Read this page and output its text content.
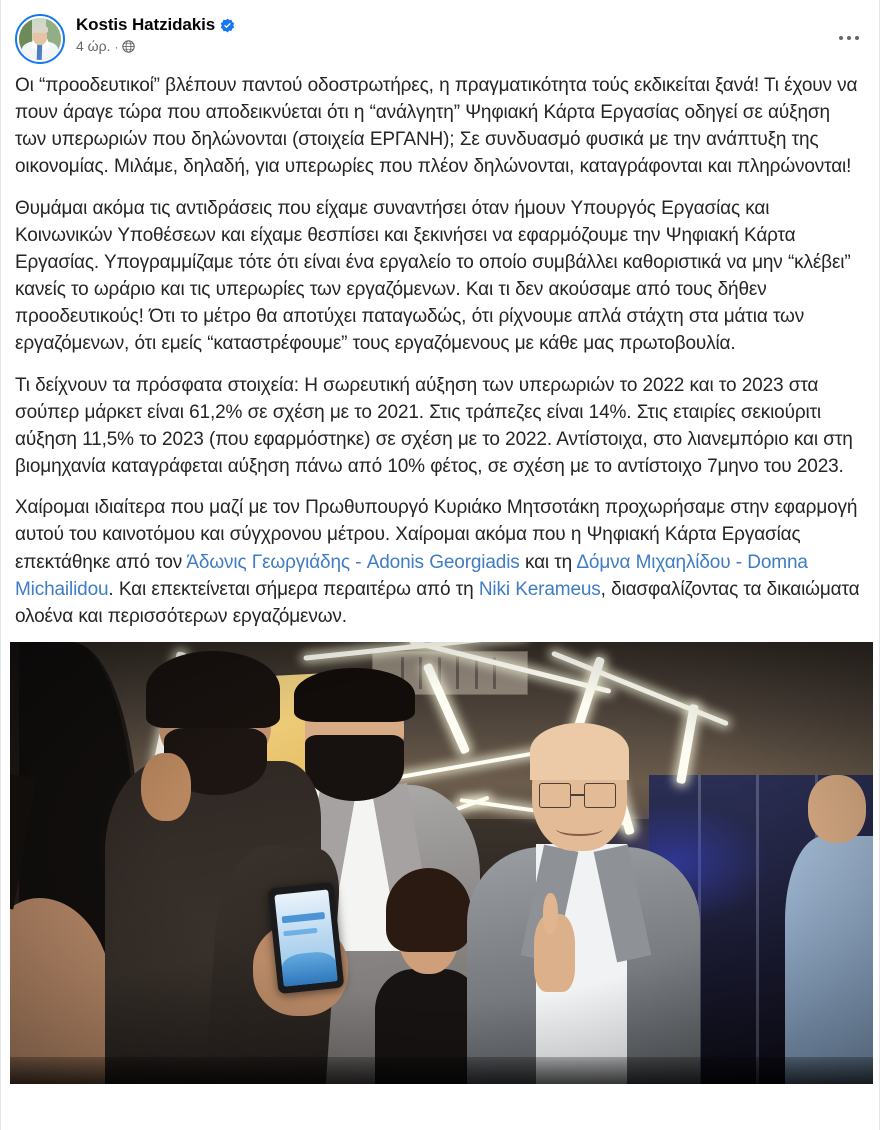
Kostis Hatzidakis
4 ώρ. ·

Οι “προοδευτικοί” βλέπουν παντού οδοστρωτήρες, η πραγματικότητα τούς εκδικείται ξανά! Τι έχουν να πουν άραγε τώρα που αποδεικνύεται ότι η “ανάλγητη” Ψηφιακή Κάρτα Εργασίας οδηγεί σε αύξηση των υπερωριών που δηλώνονται (στοιχεία ΕΡΓΑΝΗ); Σε συνδυασμό φυσικά με την ανάπτυξη της οικονομίας. Μιλάμε, δηλαδή, για υπερωρίες που πλέον δηλώνονται, καταγράφονται και πληρώνονται!

Θυμάμαι ακόμα τις αντιδράσεις που είχαμε συναντήσει όταν ήμουν Υπουργός Εργασίας και Κοινωνικών Υποθέσεων και είχαμε θεσπίσει και ξεκινήσει να εφαρμόζουμε την Ψηφιακή Κάρτα Εργασίας. Υπογραμμίζαμε τότε ότι είναι ένα εργαλείο το οποίο συμβάλλει καθοριστικά να μην “κλέβει” κανείς το ωράριο και τις υπερωρίες των εργαζόμενων. Και τι δεν ακούσαμε από τους δήθεν προοδευτικούς! Ότι το μέτρο θα αποτύχει παταγωδώς, ότι ρίχνουμε απλά στάχτη στα μάτια των εργαζόμενων, ότι εμείς “καταστρέφουμε” τους εργαζόμενους με κάθε μας πρωτοβουλία.

Τι δείχνουν τα πρόσφατα στοιχεία: Η σωρευτική αύξηση των υπερωριών το 2022 και το 2023 στα σούπερ μάρκετ είναι 61,2% σε σχέση με το 2021. Στις τράπεζες είναι 14%. Στις εταιρίες σεκιούριτι αύξηση 11,5% το 2023 (που εφαρμόστηκε) σε σχέση με το 2022. Αντίστοιχα, στο λιανεμπόριο και στη βιομηχανία καταγράφεται αύξηση πάνω από 10% φέτος, σε σχέση με το αντίστοιχο 7μηνο του 2023.

Χαίρομαι ιδιαίτερα που μαζί με τον Πρωθυπουργό Κυριάκο Μητσοτάκη προχωρήσαμε στην εφαρμογή αυτού του καινοτόμου και σύγχρονου μέτρου. Χαίρομαι ακόμα που η Ψηφιακή Κάρτα Εργασίας επεκτάθηκε από τον Άδωνις Γεωργιάδης - Adonis Georgiadis και τη Δόμνα Μιχαηλίδου - Domna Michailidou. Και επεκτείνεται σήμερα περαιτέρω από τη Niki Kerameus, διασφαλίζοντας τα δικαιώματα ολοένα και περισσότερων εργαζόμενων.
